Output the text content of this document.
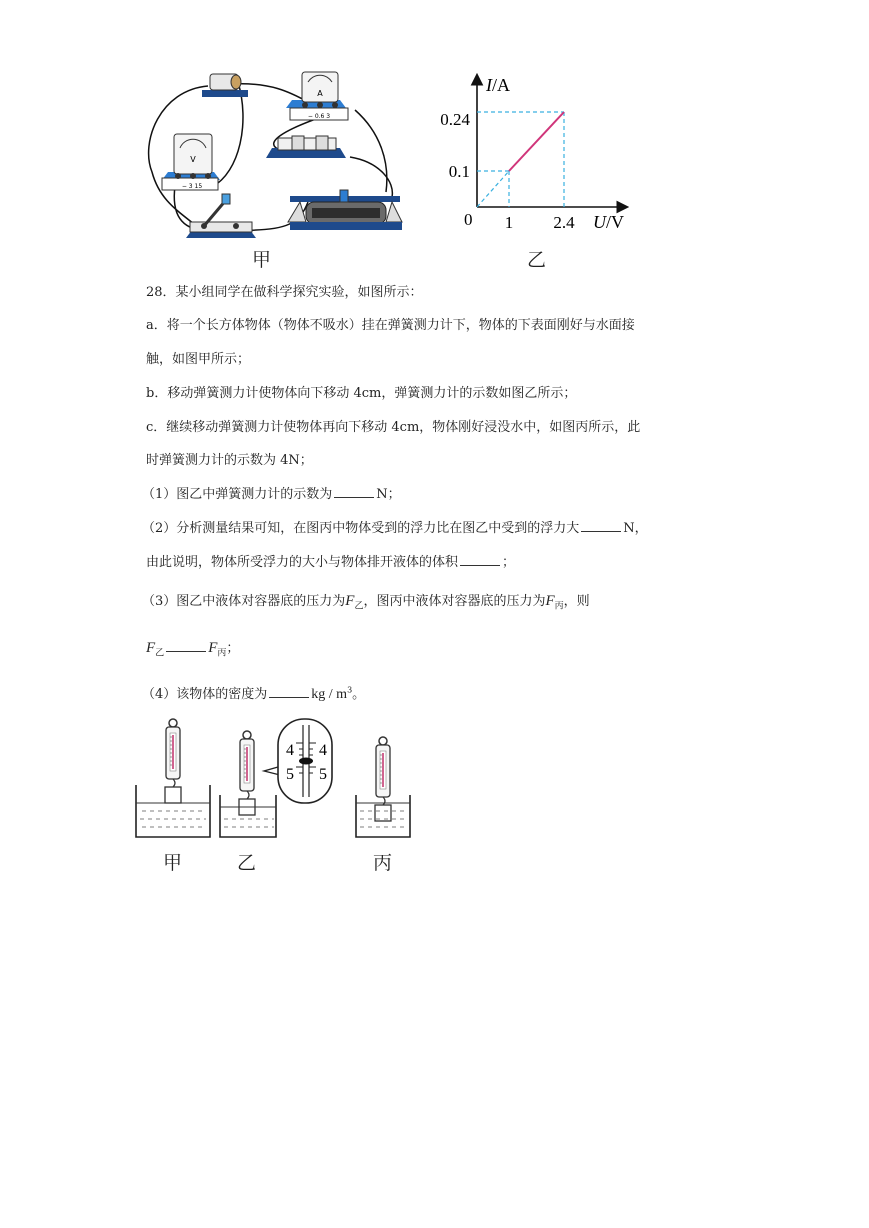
A
− 0.6 3
V
− 3 15
甲
I/A
U/V
0 1 2.4
0.24
0.1
乙
28．某小组同学在做科学探究实验，如图所示：
a．将一个长方体物体（物体不吸水）挂在弹簧测力计下，物体的下表面刚好与水面接
触，如图甲所示；
b．移动弹簧测力计使物体向下移动 4cm，弹簧测力计的示数如图乙所示；
c．继续移动弹簧测力计使物体再向下移动 4cm，物体刚好浸没水中，如图丙所示，此
时弹簧测力计的示数为 4N；
（1）图乙中弹簧测力计的示数为	N；
（2）分析测量结果可知，在图丙中物体受到的浮力比在图乙中受到的浮力大	N，
由此说明，物体所受浮力的大小与物体排开液体的体积	；
（3）图乙中液体对容器底的压力为$F_乙$，图丙中液体对容器底的压力为$F_丙$，则
$F_乙$	$F_丙$；
（4）该物体的密度为	kg / $m^3$。
4
5
4
5
甲	乙	丙
